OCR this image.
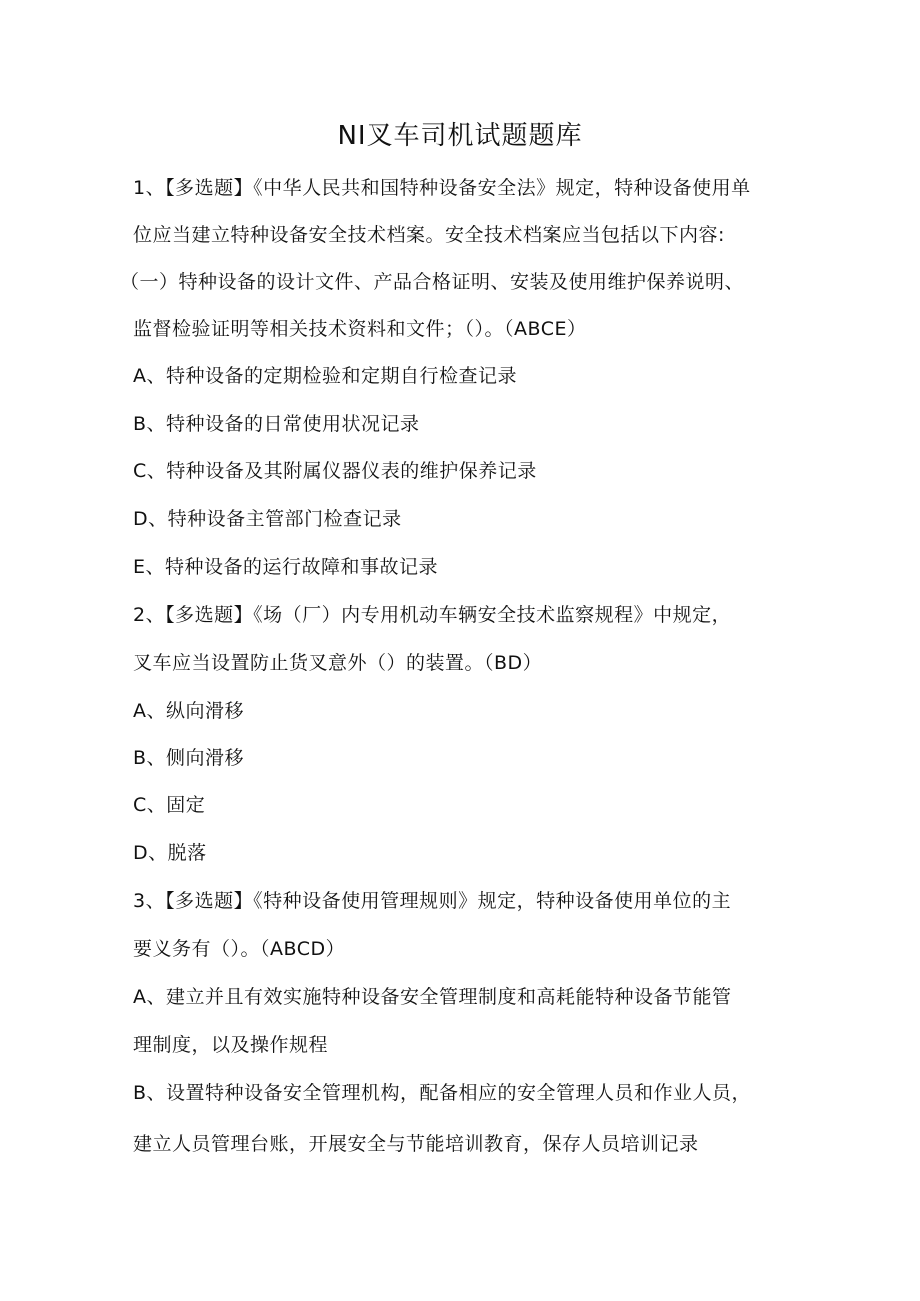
NI叉车司机试题题库
1、【多选题】《中华人民共和国特种设备安全法》规定，特种设备使用单
位应当建立特种设备安全技术档案。安全技术档案应当包括以下内容:
（一）特种设备的设计文件、产品合格证明、安装及使用维护保养说明、
监督检验证明等相关技术资料和文件；（）。（ABCE）
A、特种设备的定期检验和定期自行检查记录
B、特种设备的日常使用状况记录
C、特种设备及其附属仪器仪表的维护保养记录
D、特种设备主管部门检查记录
E、特种设备的运行故障和事故记录
2、【多选题】《场（厂）内专用机动车辆安全技术监察规程》中规定，
叉车应当设置防止货叉意外（）的装置。（BD）
A、纵向滑移
B、侧向滑移
C、固定
D、脱落
3、【多选题】《特种设备使用管理规则》规定，特种设备使用单位的主
要义务有（）。（ABCD）
A、建立并且有效实施特种设备安全管理制度和高耗能特种设备节能管
理制度，以及操作规程
B、设置特种设备安全管理机构，配备相应的安全管理人员和作业人员，
建立人员管理台账，开展安全与节能培训教育，保存人员培训记录
